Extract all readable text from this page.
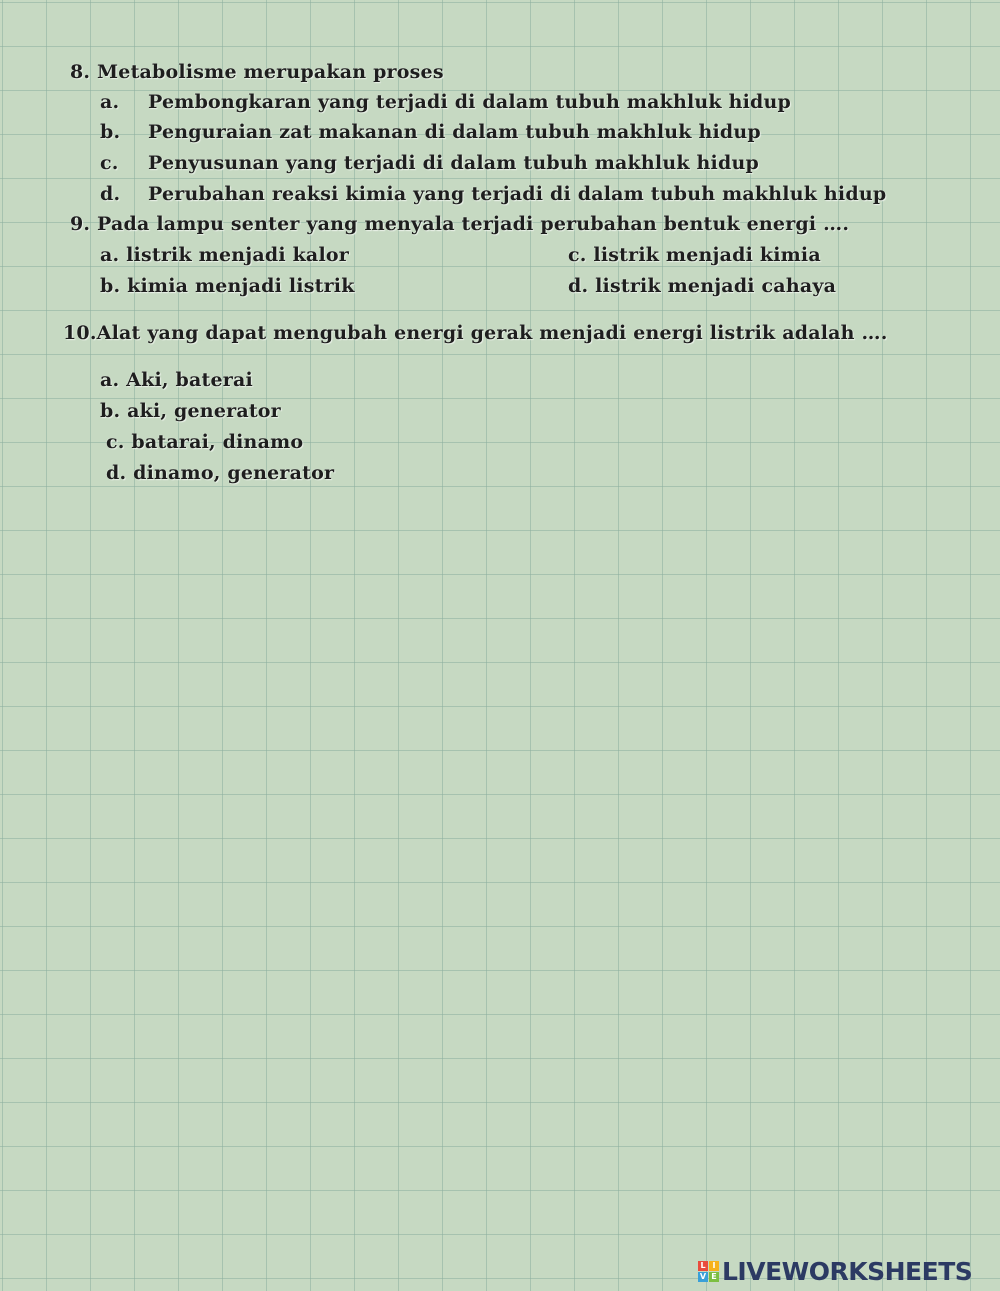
8. Metabolisme merupakan proses
a. Pembongkaran yang terjadi di dalam tubuh makhluk hidup
b. Penguraian zat makanan di dalam tubuh makhluk hidup
c. Penyusunan yang terjadi di dalam tubuh makhluk hidup
d. Perubahan reaksi kimia yang terjadi di dalam tubuh makhluk hidup
9. Pada lampu senter yang menyala terjadi perubahan bentuk energi ….
a. listrik menjadi kalor	c. listrik menjadi kimia
b. kimia menjadi listrik	d. listrik menjadi cahaya
10.Alat yang dapat mengubah energi gerak menjadi energi listrik adalah ….
a. Aki, baterai
b. aki, generator
c. batarai, dinamo
d. dinamo, generator
L I
V E LIVEWORKSHEETS
